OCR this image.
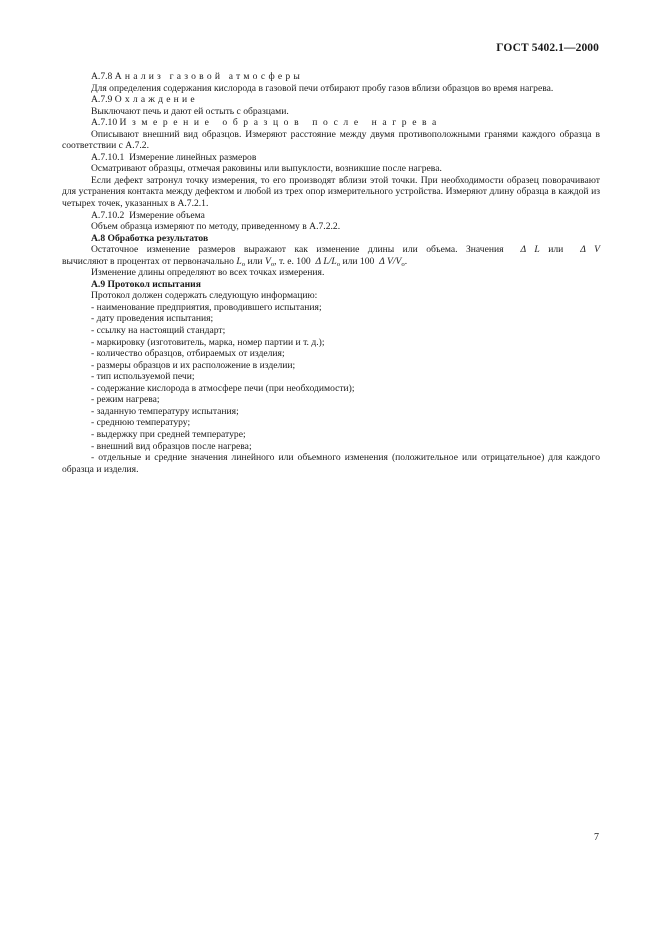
ГОСТ 5402.1—2000

А.7.8 Анализ газовой атмосферы

Для определения содержания кислорода в газовой печи отбирают пробу газов вблизи образцов во время нагрева.

А.7.9 Охлаждение

Выключают печь и дают ей остыть с образцами.

А.7.10 Измерение образцов после нагрева

Описывают внешний вид образцов. Измеряют расстояние между двумя противоположными гранями каждого образца в соответствии с А.7.2.

А.7.10.1 Измерение линейных размеров

Осматривают образцы, отмечая раковины или выпуклости, возникшие после нагрева.

Если дефект затронул точку измерения, то его производят вблизи этой точки. При необходимости образец поворачивают для устранения контакта между дефектом и любой из трех опор измерительного устройства. Измеряют длину образца в каждой из четырех точек, указанных в А.7.2.1.

А.7.10.2 Измерение объема

Объем образца измеряют по методу, приведенному в А.7.2.2.

А.8 Обработка результатов

Остаточное изменение размеров выражают как изменение длины или объема. Значения Δ L или Δ V

вычисляют в процентах от первоначально $L_o$ или $V_o$, т. е. 100 Δ $L/L_o$ или 100 Δ $V/V_o$.

Изменение длины определяют во всех точках измерения.

А.9 Протокол испытания

Протокол должен содержать следующую информацию:

- наименование предприятия, проводившего испытания;

- дату проведения испытания;

- ссылку на настоящий стандарт;

- маркировку (изготовитель, марка, номер партии и т. д.);

- количество образцов, отбираемых от изделия;

- размеры образцов и их расположение в изделии;

- тип используемой печи;

- содержание кислорода в атмосфере печи (при необходимости);

- режим нагрева;

- заданную температуру испытания;

- среднюю температуру;

- выдержку при средней температуре;

- внешний вид образцов после нагрева;

- отдельные и средние значения линейного или объемного изменения (положительное или отрицательное) для каждого образца и изделия.

7
